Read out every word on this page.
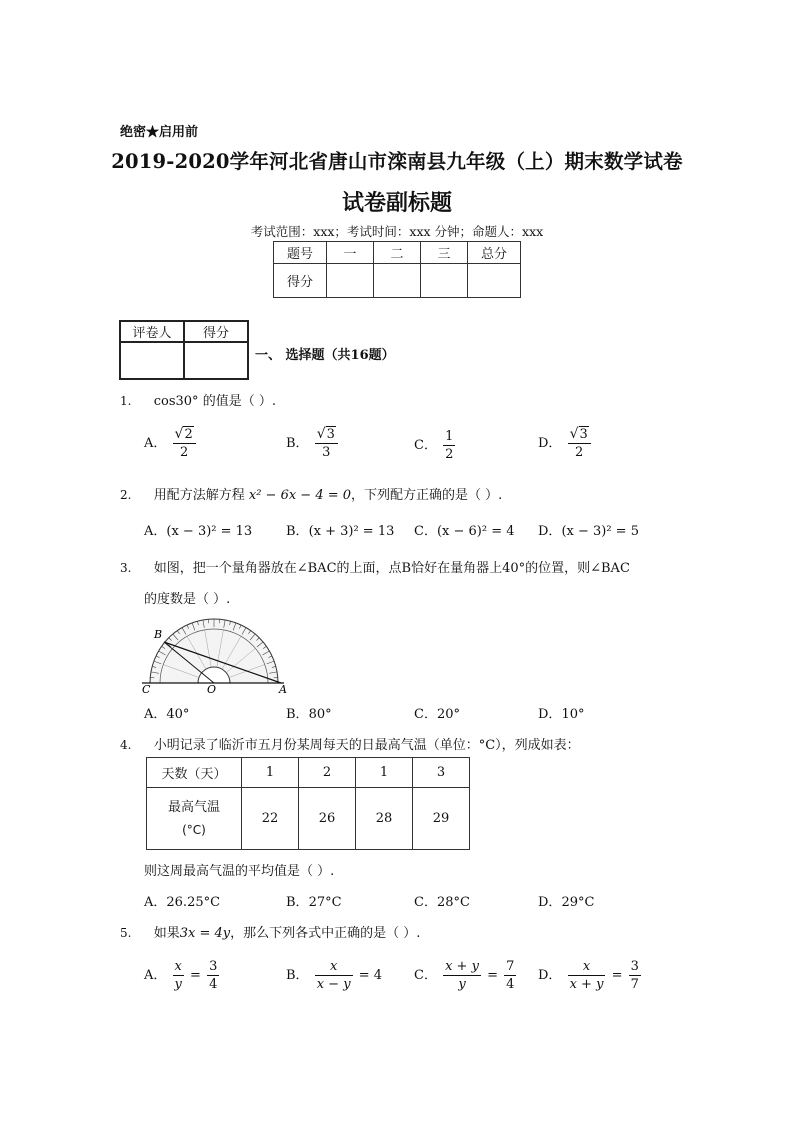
绝密★启用前
2019-2020学年河北省唐山市滦南县九年级（上）期末数学试卷
试卷副标题
考试范围：xxx；考试时间：xxx 分钟；命题人：xxx
题号	一	二	三	总分
得分				
评卷人	得分

一、 选择题（共16题）
1. cos30° 的值是（ ）.
A． $\frac{√2}{2}$	B． $\frac{√3}{3}$	C． $\frac{1}{2}$	D． $\frac{√3}{2}$
2. 用配方法解方程 x² − 6x − 4 = 0，下列配方正确的是（ ）.
A．(x − 3)² = 13	B．(x + 3)² = 13 C．(x − 6)² = 4 D．(x − 3)² = 5
3. 如图，把一个量角器放在∠BAC的上面，点B恰好在量角器上40°的位置，则∠BAC
的度数是（ ）.
B
C	O	A
A．40°	B．80°	C．20°	D．10°
4. 小明记录了临沂市五月份某周每天的日最高气温（单位：°C），列成如表：
天数（天）	1	2	1	3

最高气温
(°C)	22	26	28	29
则这周最高气温的平均值是（ ）.
A．26.25°C	B．27°C	C．28°C	D．29°C
5. 如果3x = 4y，那么下列各式中正确的是（ ）.
A． $\frac{x}{y} = \frac{3}{4}$	B． $\frac{x}{x - y} = 4$ C． $\frac{x + y}{y} = \frac{7}{4}$ D． $\frac{x}{x + y} = \frac{3}{7}$
